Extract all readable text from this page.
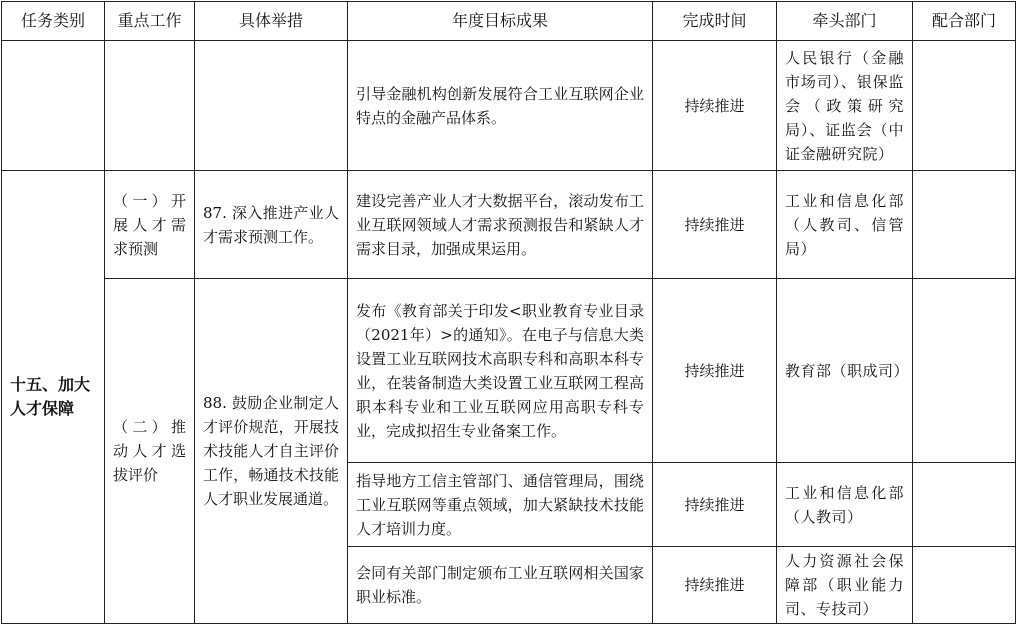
任务类别	重点工作	具体举措	年度目标成果	完成时间	牵头部门	配合部门
			引导金融机构创新发展符合工业互联网企业特点的金融产品体系。	持续推进	人民银行（金融市场司）、银保监会（政策研究局）、证监会（中证金融研究院）	
十五、加大人才保障	（一）开展人才需求预测	87. 深入推进产业人才需求预测工作。	建设完善产业人才大数据平台，滚动发布工业互联网领域人才需求预测报告和紧缺人才需求目录，加强成果运用。	持续推进	工业和信息化部（人教司、信管局）	
	（二）推动人才选拔评价	88. 鼓励企业制定人才评价规范，开展技术技能人才自主评价工作，畅通技术技能人才职业发展通道。	发布《教育部关于印发<职业教育专业目录（2021年）>的通知》。在电子与信息大类设置工业互联网技术高职专科和高职本科专业，在装备制造大类设置工业互联网工程高职本科专业和工业互联网应用高职专科专业，完成拟招生专业备案工作。	持续推进	教育部（职成司）	
			指导地方工信主管部门、通信管理局，围绕工业互联网等重点领域，加大紧缺技术技能人才培训力度。	持续推进	工业和信息化部（人教司）	
			会同有关部门制定颁布工业互联网相关国家职业标准。	持续推进	人力资源社会保障部（职业能力司、专技司）	
